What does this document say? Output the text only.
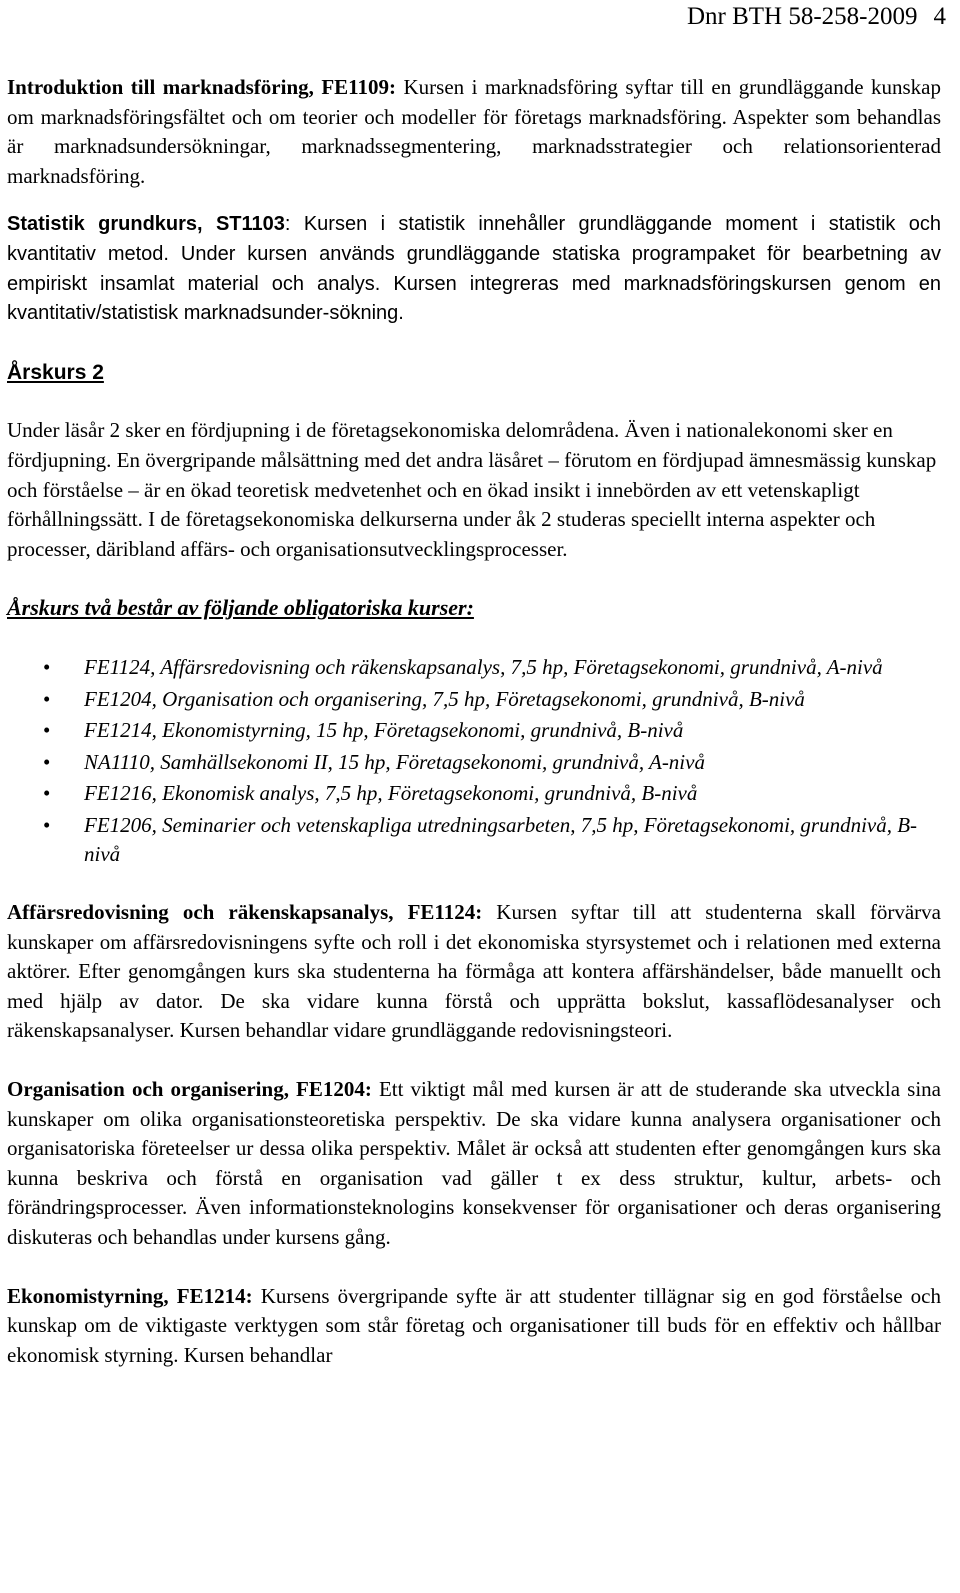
Dnr BTH 58-258-2009 4

Introduktion till marknadsföring, FE1109: Kursen i marknadsföring syftar till en grundläggande kunskap om marknadsföringsfältet och om teorier och modeller för företags marknadsföring. Aspekter som behandlas är marknadsundersökningar, marknadssegmentering, marknadsstrategier och relationsorienterad marknadsföring.

Statistik grundkurs, ST1103: Kursen i statistik innehåller grundläggande moment i statistik och kvantitativ metod. Under kursen används grundläggande statiska programpaket för bearbetning av empiriskt insamlat material och analys. Kursen integreras med marknadsföringskursen genom en kvantitativ/statistisk marknadsunder-sökning.

Årskurs 2

Under läsår 2 sker en fördjupning i de företagsekonomiska delområdena. Även i nationalekonomi sker en fördjupning. En övergripande målsättning med det andra läsåret – förutom en fördjupad ämnesmässig kunskap och förståelse – är en ökad teoretisk medvetenhet och en ökad insikt i innebörden av ett vetenskapligt förhållningssätt. I de företagsekonomiska delkurserna under åk 2 studeras speciellt interna aspekter och processer, däribland affärs- och organisationsutvecklingsprocesser.

Årskurs två består av följande obligatoriska kurser:
• FE1124, Affärsredovisning och räkenskapsanalys, 7,5 hp, Företagsekonomi, grundnivå, A-nivå
• FE1204, Organisation och organisering, 7,5 hp, Företagsekonomi, grundnivå, B-nivå
• FE1214, Ekonomistyrning, 15 hp, Företagsekonomi, grundnivå, B-nivå
• NA1110, Samhällsekonomi II, 15 hp, Företagsekonomi, grundnivå, A-nivå
• FE1216, Ekonomisk analys, 7,5 hp, Företagsekonomi, grundnivå, B-nivå
• FE1206, Seminarier och vetenskapliga utredningsarbeten, 7,5 hp, Företagsekonomi, grundnivå, B-nivå

Affärsredovisning och räkenskapsanalys, FE1124: Kursen syftar till att studenterna skall förvärva kunskaper om affärsredovisningens syfte och roll i det ekonomiska styrsystemet och i relationen med externa aktörer. Efter genomgången kurs ska studenterna ha förmåga att kontera affärshändelser, både manuellt och med hjälp av dator. De ska vidare kunna förstå och upprätta bokslut, kassaflödesanalyser och räkenskapsanalyser. Kursen behandlar vidare grundläggande redovisningsteori.

Organisation och organisering, FE1204: Ett viktigt mål med kursen är att de studerande ska utveckla sina kunskaper om olika organisationsteoretiska perspektiv. De ska vidare kunna analysera organisationer och organisatoriska företeelser ur dessa olika perspektiv. Målet är också att studenten efter genomgången kurs ska kunna beskriva och förstå en organisation vad gäller t ex dess struktur, kultur, arbets- och förändringsprocesser. Även informationsteknologins konsekvenser för organisationer och deras organisering diskuteras och behandlas under kursens gång.

Ekonomistyrning, FE1214: Kursens övergripande syfte är att studenter tillägnar sig en god förståelse och kunskap om de viktigaste verktygen som står företag och organisationer till buds för en effektiv och hållbar ekonomisk styrning. Kursen behandlar
